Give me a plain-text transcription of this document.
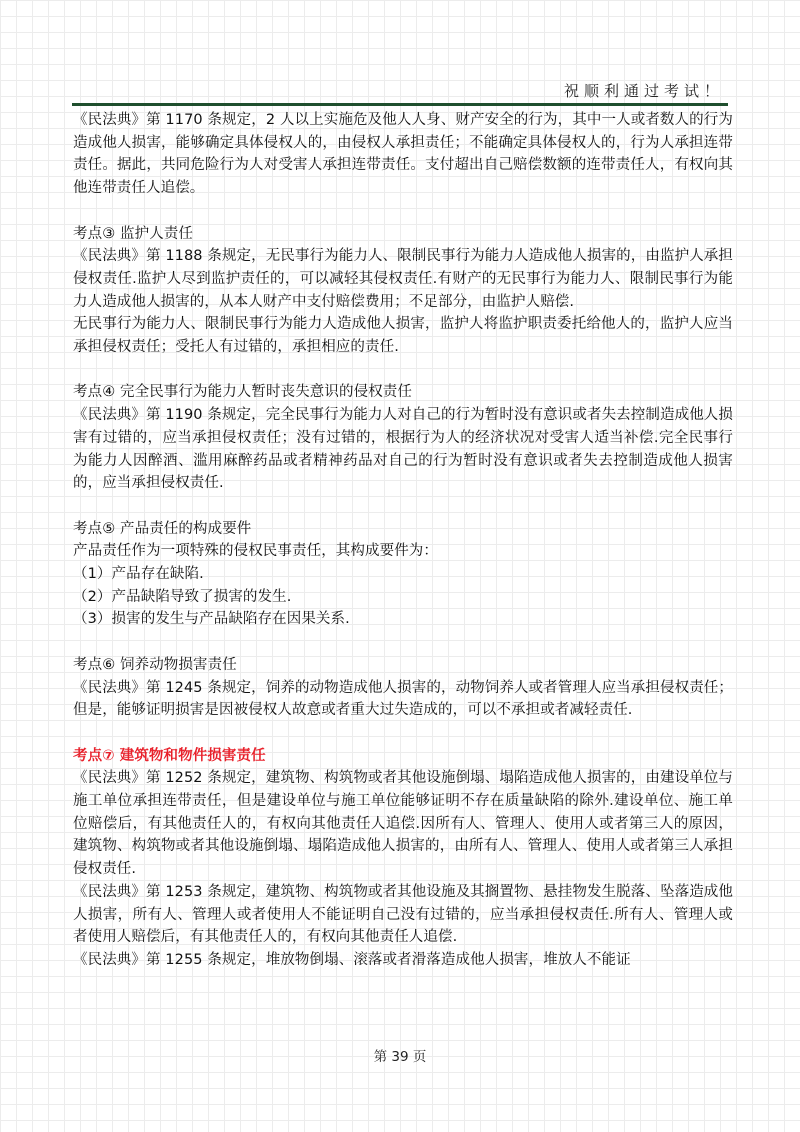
祝顺利通过考试！

《民法典》第 1170 条规定，2 人以上实施危及他人人身、财产安全的行为，其中一人或者数人的行为造成他人损害，能够确定具体侵权人的，由侵权人承担责任；不能确定具体侵权人的，行为人承担连带责任。据此，共同危险行为人对受害人承担连带责任。支付超出自己赔偿数额的连带责任人，有权向其他连带责任人追偿。

考点③ 监护人责任

《民法典》第 1188 条规定，无民事行为能力人、限制民事行为能力人造成他人损害的，由监护人承担侵权责任.监护人尽到监护责任的，可以减轻其侵权责任.有财产的无民事行为能力人、限制民事行为能力人造成他人损害的，从本人财产中支付赔偿费用；不足部分，由监护人赔偿.

无民事行为能力人、限制民事行为能力人造成他人损害，监护人将监护职责委托给他人的，监护人应当承担侵权责任；受托人有过错的，承担相应的责任.

考点④ 完全民事行为能力人暂时丧失意识的侵权责任

《民法典》第 1190 条规定，完全民事行为能力人对自己的行为暂时没有意识或者失去控制造成他人损害有过错的，应当承担侵权责任；没有过错的，根据行为人的经济状况对受害人适当补偿.完全民事行为能力人因醉酒、滥用麻醉药品或者精神药品对自己的行为暂时没有意识或者失去控制造成他人损害的，应当承担侵权责任.

考点⑤ 产品责任的构成要件

产品责任作为一项特殊的侵权民事责任，其构成要件为：

（1）产品存在缺陷.

（2）产品缺陷导致了损害的发生.

（3）损害的发生与产品缺陷存在因果关系.

考点⑥ 饲养动物损害责任

《民法典》第 1245 条规定，饲养的动物造成他人损害的，动物饲养人或者管理人应当承担侵权责任；但是，能够证明损害是因被侵权人故意或者重大过失造成的，可以不承担或者减轻责任.

考点⑦ 建筑物和物件损害责任

《民法典》第 1252 条规定，建筑物、构筑物或者其他设施倒塌、塌陷造成他人损害的，由建设单位与施工单位承担连带责任，但是建设单位与施工单位能够证明不存在质量缺陷的除外.建设单位、施工单位赔偿后，有其他责任人的，有权向其他责任人追偿.因所有人、管理人、使用人或者第三人的原因，建筑物、构筑物或者其他设施倒塌、塌陷造成他人损害的，由所有人、管理人、使用人或者第三人承担侵权责任.

《民法典》第 1253 条规定，建筑物、构筑物或者其他设施及其搁置物、悬挂物发生脱落、坠落造成他人损害，所有人、管理人或者使用人不能证明自己没有过错的，应当承担侵权责任.所有人、管理人或者使用人赔偿后，有其他责任人的，有权向其他责任人追偿.

《民法典》第 1255 条规定，堆放物倒塌、滚落或者滑落造成他人损害，堆放人不能证

第 39 页
